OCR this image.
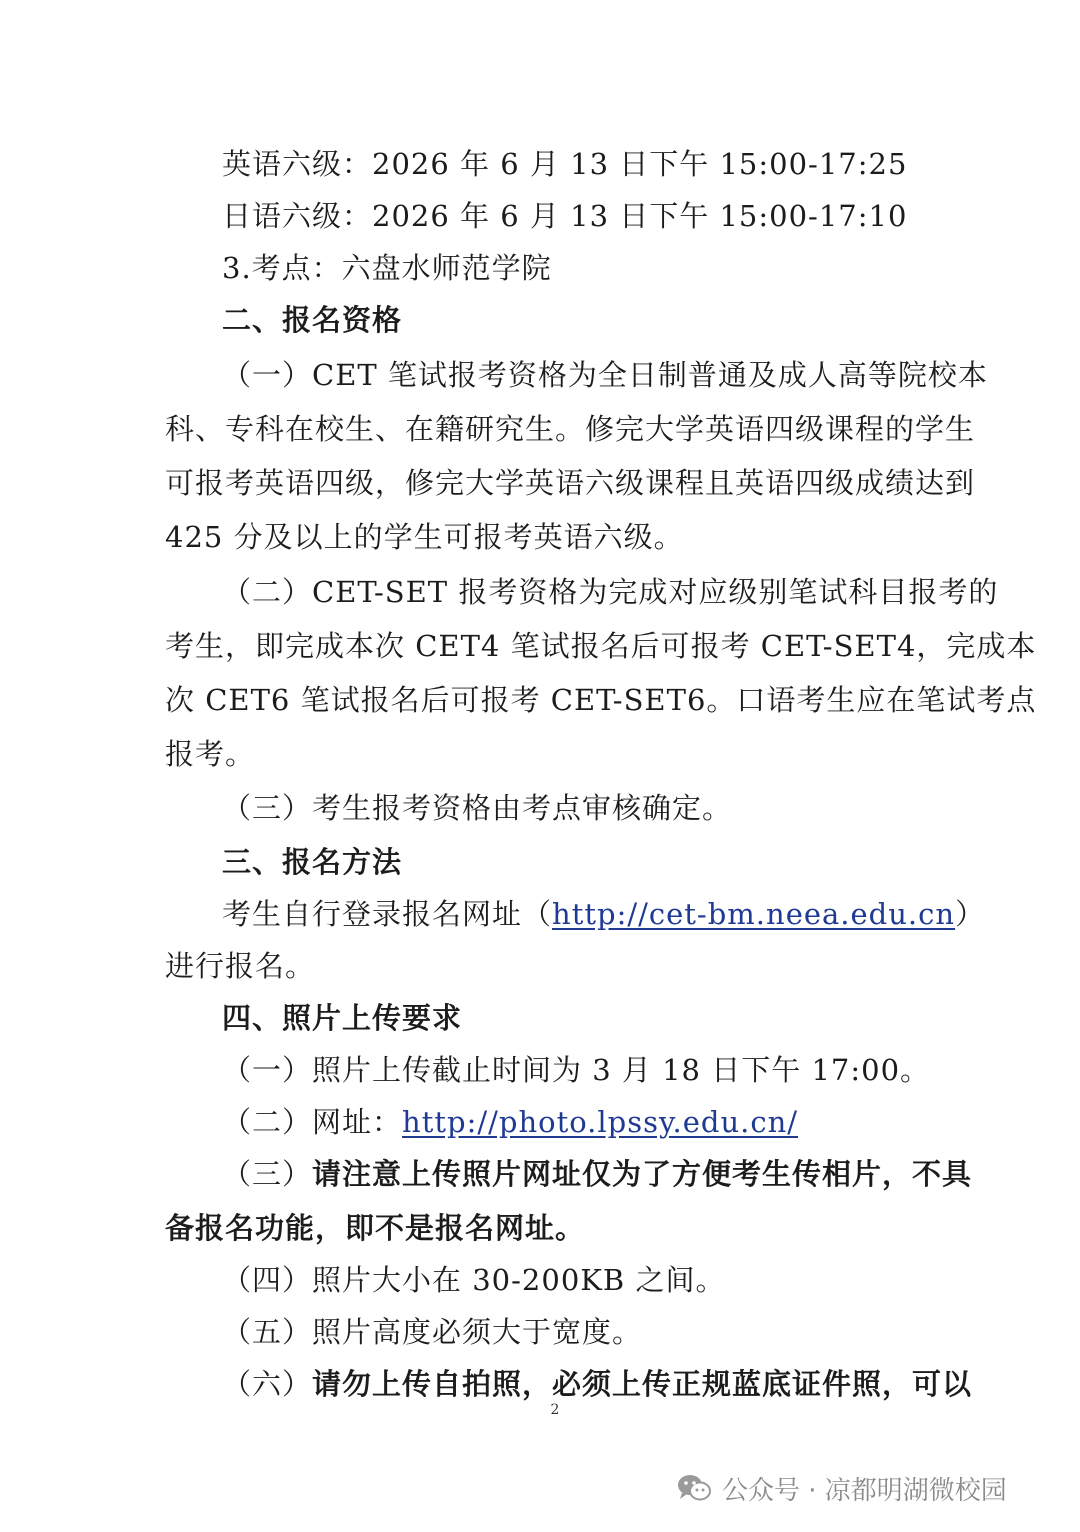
英语六级：2026 年 6 月 13 日下午 15:00-17:25
日语六级：2026 年 6 月 13 日下午 15:00-17:10
3.考点：六盘水师范学院
二、报名资格
（一）CET 笔试报考资格为全日制普通及成人高等院校本
科、专科在校生、在籍研究生。修完大学英语四级课程的学生
可报考英语四级，修完大学英语六级课程且英语四级成绩达到
425 分及以上的学生可报考英语六级。
（二）CET-SET 报考资格为完成对应级别笔试科目报考的
考生，即完成本次 CET4 笔试报名后可报考 CET-SET4，完成本
次 CET6 笔试报名后可报考 CET-SET6。口语考生应在笔试考点
报考。
（三）考生报考资格由考点审核确定。
三、报名方法
考生自行登录报名网址（http://cet-bm.neea.edu.cn）
进行报名。
四、照片上传要求
（一）照片上传截止时间为 3 月 18 日下午 17:00。
（二）网址：http://photo.lpssy.edu.cn/
（三）请注意上传照片网址仅为了方便考生传相片，不具
备报名功能，即不是报名网址。
（四）照片大小在 30-200KB 之间。
（五）照片高度必须大于宽度。
（六）请勿上传自拍照，必须上传正规蓝底证件照，可以
2
公众号 · 凉都明湖微校园
